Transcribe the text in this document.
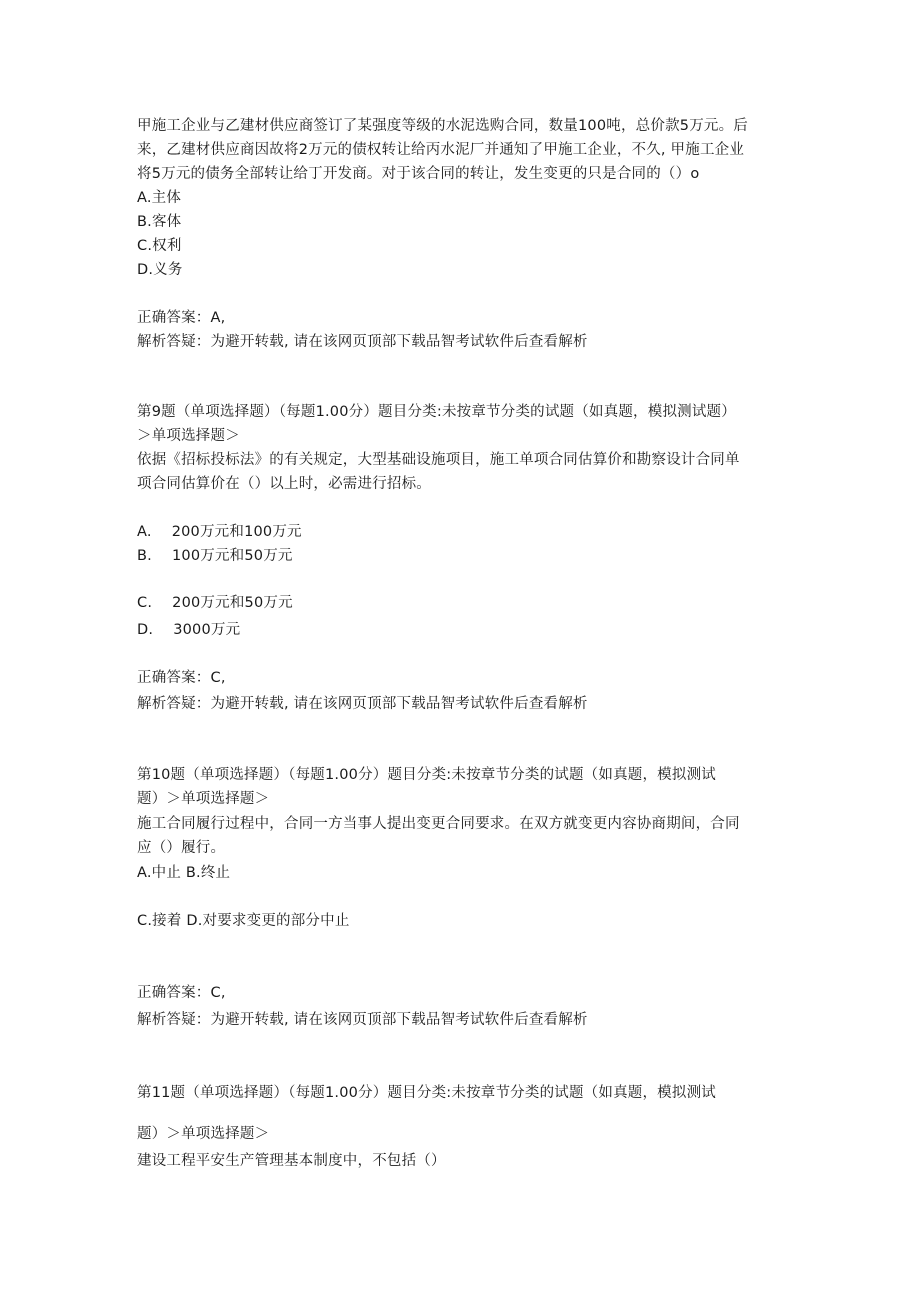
甲施工企业与乙建材供应商签订了某强度等级的水泥选购合同，数量100吨，总价款5万元。后
来，乙建材供应商因故将2万元的债权转让给丙水泥厂并通知了甲施工企业，不久, 甲施工企业
将5万元的债务全部转让给丁开发商。对于该合同的转让，发生变更的只是合同的（）o
A.主体
B.客体
C.权利
D.义务
正确答案：A,
解析答疑：为避开转载, 请在该网页顶部下载品智考试软件后查看解析
第9题（单项选择题）（每题1.00分）题目分类:未按章节分类的试题（如真题，模拟测试题）
＞单项选择题＞
依据《招标投标法》的有关规定，大型基础设施项目，施工单项合同估算价和勘察设计合同单
项合同估算价在（）以上时，必需进行招标。
A. 200万元和100万元
B. 100万元和50万元
C. 200万元和50万元
D. 3000万元
正确答案：C,
解析答疑：为避开转载, 请在该网页顶部下载品智考试软件后查看解析
第10题（单项选择题）（每题1.00分）题目分类:未按章节分类的试题（如真题，模拟测试
题）＞单项选择题＞
施工合同履行过程中，合同一方当事人提出变更合同要求。在双方就变更内容协商期间，合同
应（）履行。
A.中止 B.终止
C.接着 D.对要求变更的部分中止
正确答案：C,
解析答疑：为避开转载, 请在该网页顶部下载品智考试软件后查看解析
第11题（单项选择题）（每题1.00分）题目分类:未按章节分类的试题（如真题，模拟测试
题）＞单项选择题＞
建设工程平安生产管理基本制度中，不包括（）
